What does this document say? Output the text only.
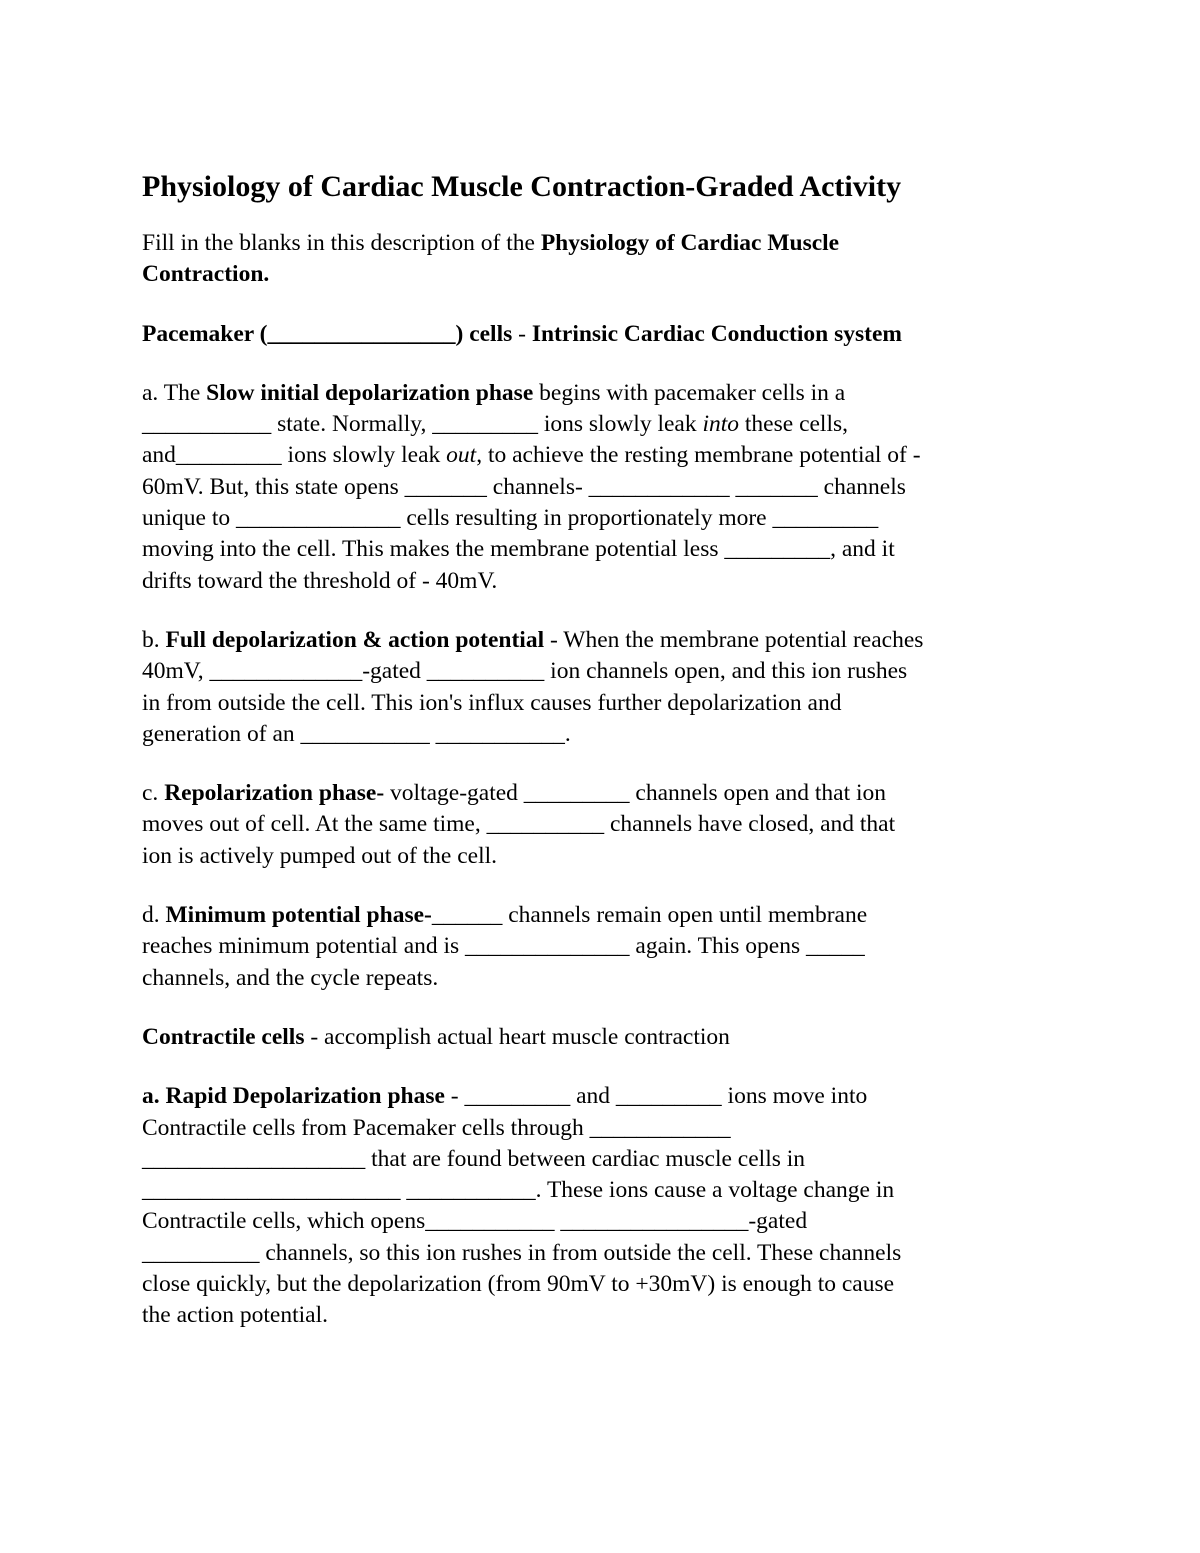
Physiology of Cardiac Muscle Contraction-Graded Activity
Fill in the blanks in this description of the Physiology of Cardiac Muscle
Contraction.
Pacemaker (________________) cells - Intrinsic Cardiac Conduction system
a. The Slow initial depolarization phase begins with pacemaker cells in a
___________ state. Normally, _________ ions slowly leak into these cells,
and_________ ions slowly leak out, to achieve the resting membrane potential of -
60mV. But, this state opens _______ channels- ____________ _______ channels
unique to ______________ cells resulting in proportionately more _________
moving into the cell. This makes the membrane potential less _________, and it
drifts toward the threshold of - 40mV.
b. Full depolarization & action potential - When the membrane potential reaches
40mV, _____________-gated __________ ion channels open, and this ion rushes
in from outside the cell. This ion's influx causes further depolarization and
generation of an ___________ ___________.
c. Repolarization phase- voltage-gated _________ channels open and that ion
moves out of cell. At the same time, __________ channels have closed, and that
ion is actively pumped out of the cell.
d. Minimum potential phase-______ channels remain open until membrane
reaches minimum potential and is ______________ again. This opens _____
channels, and the cycle repeats.
Contractile cells - accomplish actual heart muscle contraction
a. Rapid Depolarization phase - _________ and _________ ions move into
Contractile cells from Pacemaker cells through ____________
___________________ that are found between cardiac muscle cells in
______________________ ___________. These ions cause a voltage change in
Contractile cells, which opens___________ ________________-gated
__________ channels, so this ion rushes in from outside the cell. These channels
close quickly, but the depolarization (from 90mV to +30mV) is enough to cause
the action potential.
